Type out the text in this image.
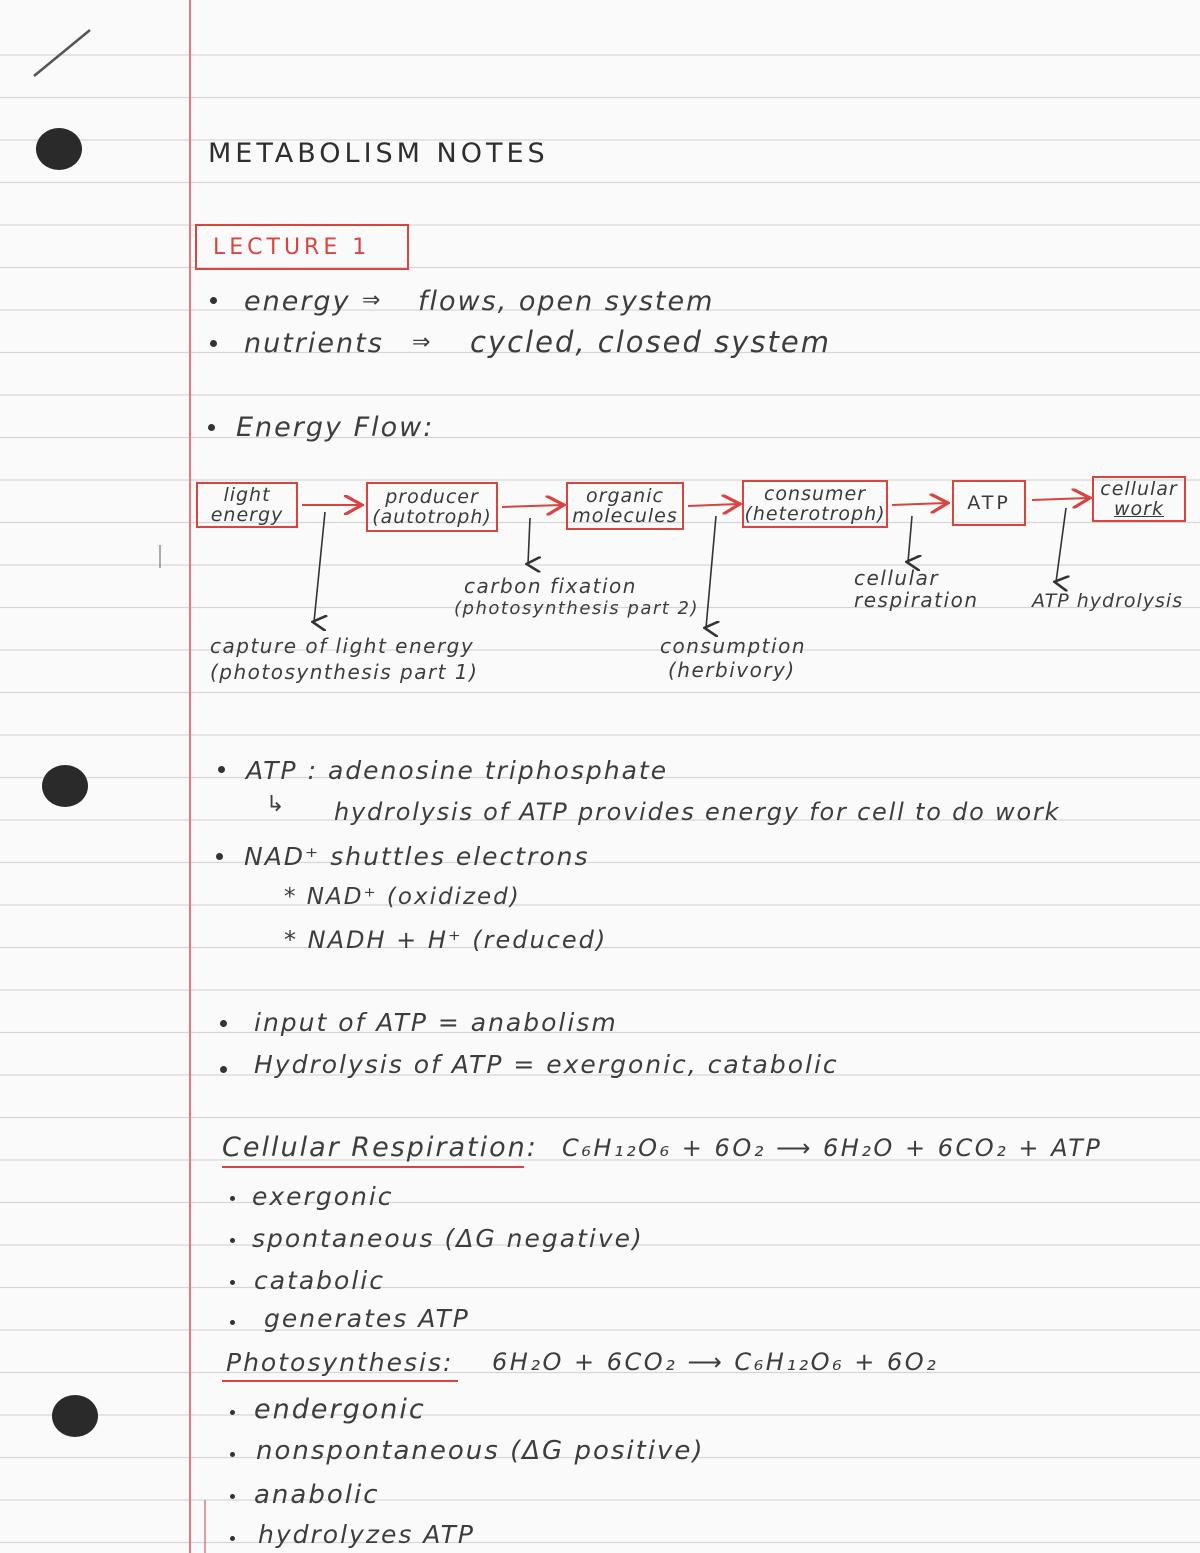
METABOLISM NOTES
LECTURE 1
energy ⇒ flows, open system
nutrients ⇒ cycled, closed system
Energy Flow:
light
energy
producer
(autotroph)
organic
molecules
consumer
(heterotroph)	ATP
cellular
work
capture of light energy
(photosynthesis part 1)
carbon fixation
(photosynthesis part 2)
consumption
(herbivory)
cellular
respiration	ATP hydrolysis
ATP : adenosine triphosphate
↳ hydrolysis of ATP provides energy for cell to do work
NAD⁺ shuttles electrons
* NAD⁺ (oxidized)
* NADH + H⁺ (reduced)
input of ATP = anabolism
Hydrolysis of ATP = exergonic, catabolic
Cellular Respiration: C₆H₁₂O₆ + 6O₂ ⟶ 6H₂O + 6CO₂ + ATP
exergonic
spontaneous (ΔG negative)
catabolic
generates ATP
Photosynthesis: 6H₂O + 6CO₂ ⟶ C₆H₁₂O₆ + 6O₂
endergonic
nonspontaneous (ΔG positive)
anabolic
hydrolyzes ATP
